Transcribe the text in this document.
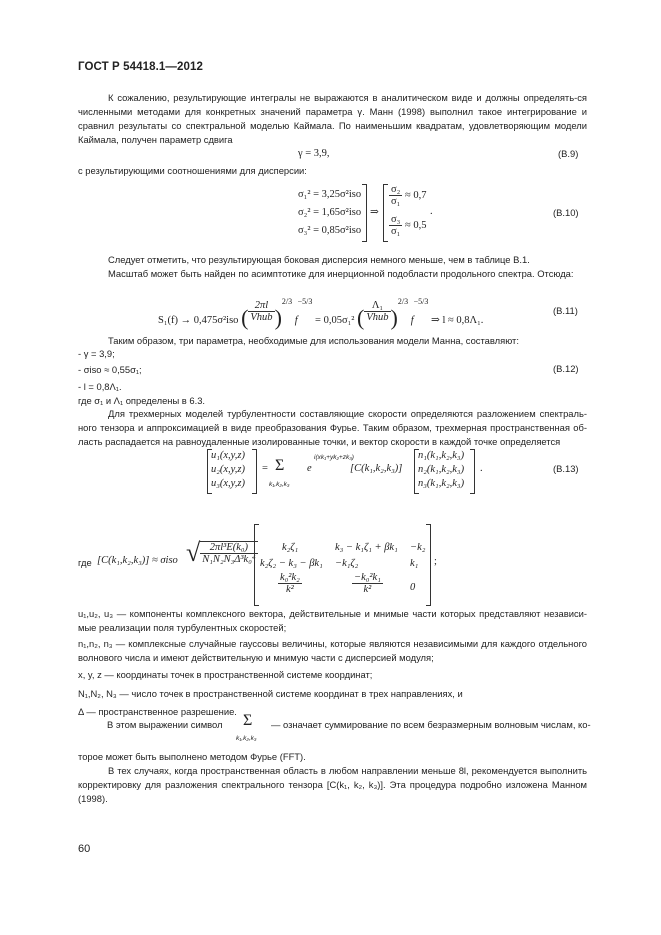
ГОСТ Р 54418.1—2012
К сожалению, результирующие интегралы не выражаются в аналитическом виде и должны определять-ся численными методами для конкретных значений параметра γ. Манн (1998) выполнил такое интегрирование и сравнил результаты со спектральной моделью Каймала. По наименьшим квадратам, удовлетворяющим модели Каймала, получен параметр сдвига
γ = 3,9,	(В.9)
с результирующими соотношениями для дисперсии:
σ₁² = 3,25σ²iso
σ₂² = 1,65σ²iso
σ₃² = 0,85σ²iso
⇒
$\frac{\text{σ₂}}{\text{σ₁}} \approx 0,7$
$\frac{\text{σ₃}}{\text{σ₁}} \approx 0,5$
.	(В.10)
Следует отметить, что результирующая боковая дисперсия немного меньше, чем в таблице В.1.
Масштаб может быть найден по асимптотике для инерционной подобласти продольного спектра. Отсюда:
S₁(f) → 0,475σ²iso ( $\frac{2\pi l}{\text{Vhub}} )^{2/3}$ $f^{-5/3} = 0,05\sigma_1^2$ ( $\frac{\text{Λ₁}}{\text{Vhub}} )^{2/3}$ $f^{-5/3}$ ⇒ l ≈ 0,8Λ₁.
(В.11)
Таким образом, три параметра, необходимые для использования модели Манна, составляют:
- γ = 3,9;
- σiso ≈ 0,55σ₁;	(В.12)
- l = 0,8Λ₁.
где σ₁ и Λ₁ определены в 6.3.
Для трехмерных моделей турбулентности составляющие скорости определяются разложением спектраль-ного тензора и аппроксимацией в виде преобразования Фурье. Таким образом, трехмерная пространственная об-ласть распадается на равноудаленные изолированные точки, и вектор скорости в каждой точке определяется
u₁(x,y,z)
u₂(x,y,z)
u₃(x,y,z)
= Σ
k₁,k₂,k₃
e
i(xk₁+yk₂+zk₃)
[C(k₁,k₂,k₃)]
n₁(k₁,k₂,k₃)
n₂(k₁,k₂,k₃)
n₃(k₁,k₂,k₃)
.	(В.13)
где [C(k₁,k₂,k₃)] ≈ σiso √ $\frac{\text{2πl³E(k₀)}}{\text{N₁N₂N₃Δ³k₀⁴}} k_2\zeta_1$	k₃ − k₁ζ₁ + βk₁ −k₂
k₂ζ₂ − k₃ − βk₁ −k₁ζ₂	k₁
$\frac{\text{k₀²k₂}}{\text{k²}}$	$\frac{\text{−k₀²k₁}}{\text{k²}}$	0
;
u₁,u₂, u₃ — компоненты комплексного вектора, действительные и мнимые части которых представляют независи-мые реализации поля турбулентных скоростей;
n₁,n₂, n₃ — комплексные случайные гауссовы величины, которые являются независимыми для каждого отдельного волнового числа и имеют действительную и мнимую части с дисперсией модуля;
x, y, z — координаты точек в пространственной системе координат;
N₁,N₂, N₃ — число точек в пространственной системе координат в трех направлениях, и
Δ — пространственное разрешение.
В этом выражении символ Σ
k₁,k₂,k₃
— означает суммирование по всем безразмерным волновым числам, ко-
торое может быть выполнено методом Фурье (FFT).
В тех случаях, когда пространственная область в любом направлении меньше 8l, рекомендуется выполнить корректировку для разложения спектрального тензора [C(k₁, k₂, k₃)]. Эта процедура подробно изложена Манном (1998).
60
